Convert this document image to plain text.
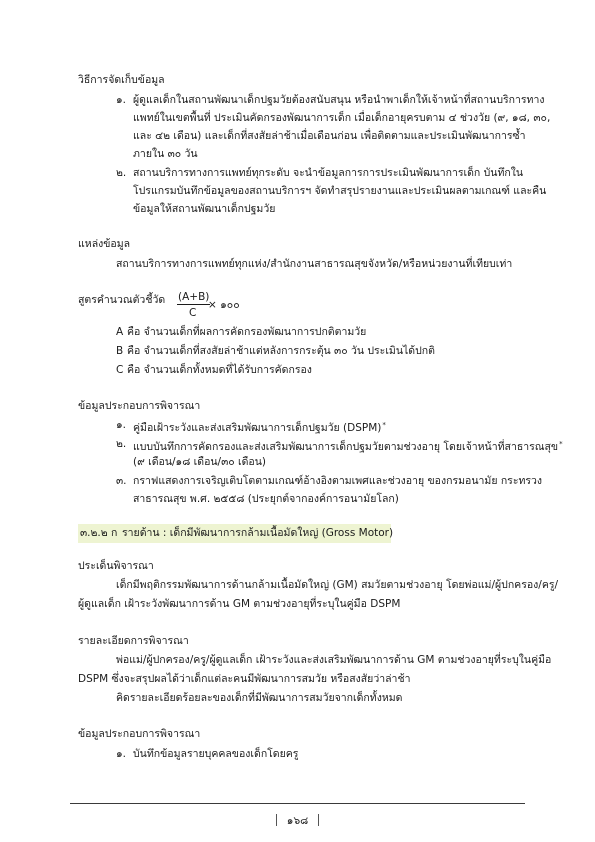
วิธีการจัดเก็บข้อมูล
๑. ผู้ดูแลเด็กในสถานพัฒนาเด็กปฐมวัยต้องสนับสนุน หรือนำพาเด็กให้เจ้าหน้าที่สถานบริการทาง
แพทย์ในเขตพื้นที่ ประเมินคัดกรองพัฒนาการเด็ก เมื่อเด็กอายุครบตาม ๔ ช่วงวัย (๙, ๑๘, ๓๐,
และ ๔๒ เดือน) และเด็กที่สงสัยล่าช้าเมื่อเดือนก่อน เพื่อติดตามและประเมินพัฒนาการซ้ำ
ภายใน ๓๐ วัน
๒. สถานบริการทางการแพทย์ทุกระดับ จะนำข้อมูลการการประเมินพัฒนาการเด็ก บันทึกใน
โปรแกรมบันทึกข้อมูลของสถานบริการฯ จัดทำสรุปรายงานและประเมินผลตามเกณฑ์ และคืน
ข้อมูลให้สถานพัฒนาเด็กปฐมวัย
แหล่งข้อมูล
สถานบริการทางการแพทย์ทุกแห่ง/สำนักงานสาธารณสุขจังหวัด/หรือหน่วยงานที่เทียบเท่า
สูตรคำนวณตัวชี้วัด (A+B)
C
× ๑๐๐
A คือ จำนวนเด็กที่ผลการคัดกรองพัฒนาการปกติตามวัย
B คือ จำนวนเด็กที่สงสัยล่าช้าแต่หลังการกระตุ้น ๓๐ วัน ประเมินได้ปกติ
C คือ จำนวนเด็กทั้งหมดที่ได้รับการคัดกรอง
ข้อมูลประกอบการพิจารณา
๑. คู่มือเฝ้าระวังและส่งเสริมพัฒนาการเด็กปฐมวัย (DSPM)*
๒. แบบบันทึกการคัดกรองและส่งเสริมพัฒนาการเด็กปฐมวัยตามช่วงอายุ โดยเจ้าหน้าที่สาธารณสุข*
(๙ เดือน/๑๘ เดือน/๓๐ เดือน)
๓. กราฟแสดงการเจริญเติบโตตามเกณฑ์อ้างอิงตามเพศและช่วงอายุ ของกรมอนามัย กระทรวง
สาธารณสุข พ.ศ. ๒๕๕๘ (ประยุกต์จากองค์การอนามัยโลก)
๓.๒.๒ ก รายด้าน : เด็กมีพัฒนาการกล้ามเนื้อมัดใหญ่ (Gross Motor)
ประเด็นพิจารณา
เด็กมีพฤติกรรมพัฒนาการด้านกล้ามเนื้อมัดใหญ่ (GM) สมวัยตามช่วงอายุ โดยพ่อแม่/ผู้ปกครอง/ครู/
ผู้ดูแลเด็ก เฝ้าระวังพัฒนาการด้าน GM ตามช่วงอายุที่ระบุในคู่มือ DSPM
รายละเอียดการพิจารณา
พ่อแม่/ผู้ปกครอง/ครู/ผู้ดูแลเด็ก เฝ้าระวังและส่งเสริมพัฒนาการด้าน GM ตามช่วงอายุที่ระบุในคู่มือ
DSPM ซึ่งจะสรุปผลได้ว่าเด็กแต่ละคนมีพัฒนาการสมวัย หรือสงสัยว่าล่าช้า
คิดรายละเอียดร้อยละของเด็กที่มีพัฒนาการสมวัยจากเด็กทั้งหมด
ข้อมูลประกอบการพิจารณา
๑. บันทึกข้อมูลรายบุคคลของเด็กโดยครู
๑๖๘
